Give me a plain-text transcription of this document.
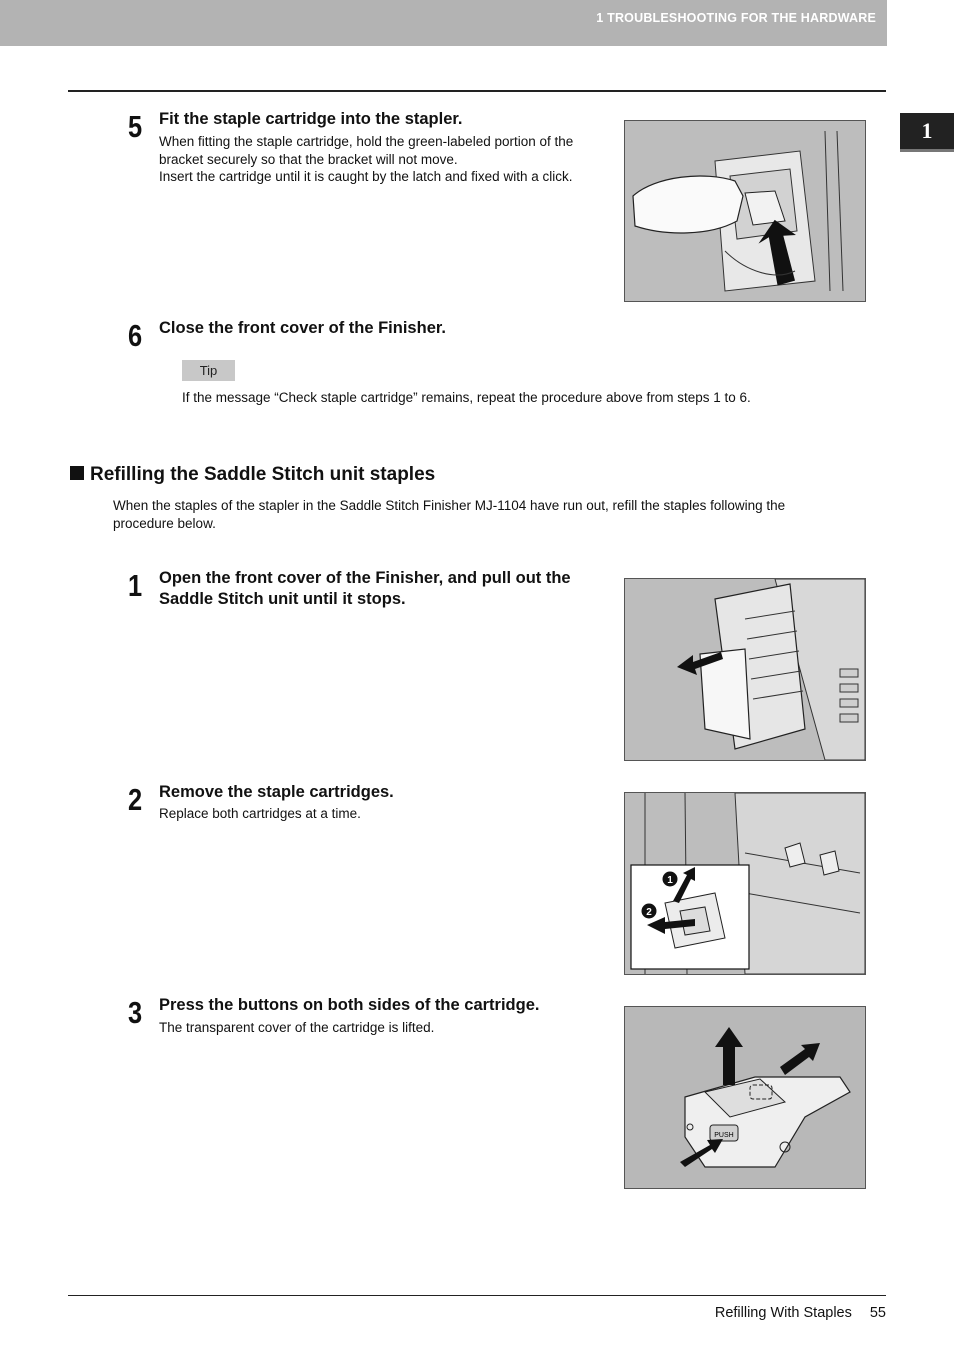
1 TROUBLESHOOTING FOR THE HARDWARE
1
5 Fit the staple cartridge into the stapler.
When fitting the staple cartridge, hold the green-labeled portion of the
bracket securely so that the bracket will not move.
Insert the cartridge until it is caught by the latch and fixed with a click.
6 Close the front cover of the Finisher.
Tip
If the message “Check staple cartridge” remains, repeat the procedure above from steps 1 to 6.
Refilling the Saddle Stitch unit staples
When the staples of the stapler in the Saddle Stitch Finisher MJ-1104 have run out, refill the staples following the procedure below.
1 Open the front cover of the Finisher, and pull out the
Saddle Stitch unit until it stops.
2 Remove the staple cartridges.
Replace both cartridges at a time.
1
2
3 Press the buttons on both sides of the cartridge.
The transparent cover of the cartridge is lifted.
PUSH
Refilling With Staples 55
